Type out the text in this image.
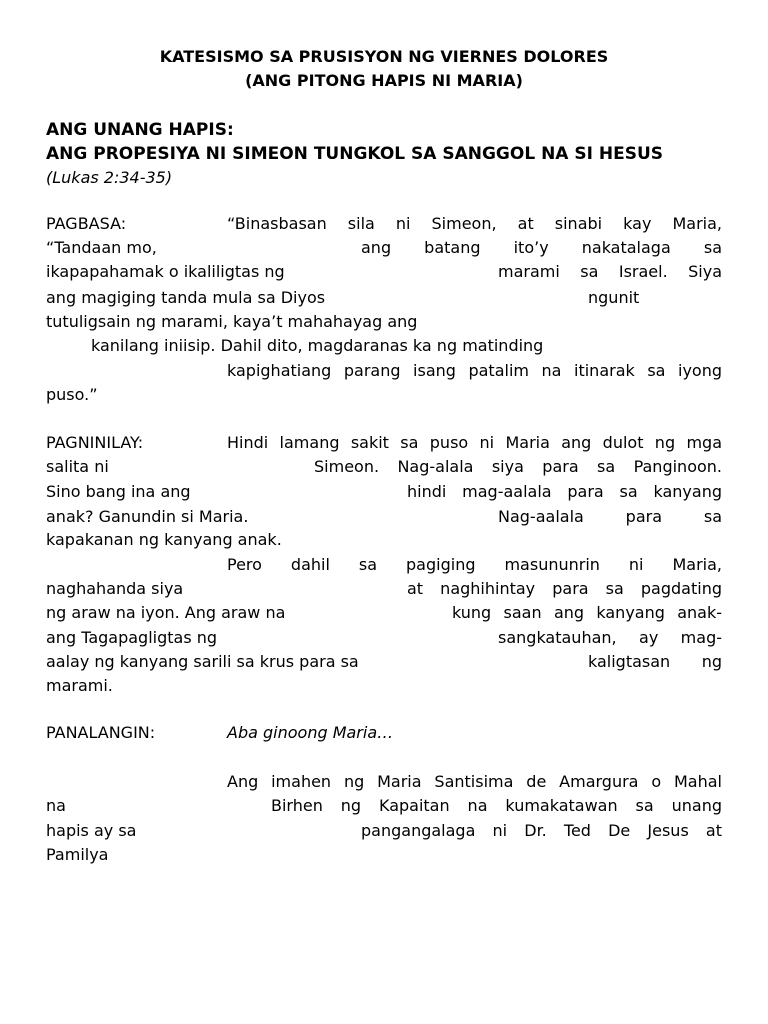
KATESISMO SA PRUSISYON NG VIERNES DOLORES
(ANG PITONG HAPIS NI MARIA)
ANG UNANG HAPIS:
ANG PROPESIYA NI SIMEON TUNGKOL SA SANGGOL NA SI HESUS
(Lukas 2:34-35)
PAGBASA:	“Binasbasan sila ni Simeon, at sinabi kay Maria,
“Tandaan mo,	ang batang ito’y nakatalaga sa
ikapapahamak o ikaliligtas ng	marami sa Israel. Siya
ang magiging tanda mula sa Diyos	ngunit
tutuligsain ng marami, kaya’t mahahayag ang
kanilang iniisip. Dahil dito, magdaranas ka ng matinding
kapighatiang parang isang patalim na itinarak sa iyong
puso.”
PAGNINILAY:	Hindi lamang sakit sa puso ni Maria ang dulot ng mga
salita ni	Simeon. Nag-alala siya para sa Panginoon.
Sino bang ina ang	hindi mag-aalala para sa kanyang
anak? Ganundin si Maria.	Nag-aalala para sa
kapakanan ng kanyang anak.
Pero dahil sa pagiging masununrin ni Maria,
naghahanda siya	at naghihintay para sa pagdating
ng araw na iyon. Ang araw na	kung saan ang kanyang anak-
ang Tagapagligtas ng	sangkatauhan, ay mag-
aalay ng kanyang sarili sa krus para sa	kaligtasan ng
marami.
PANALANGIN:	Aba ginoong Maria…
Ang imahen ng Maria Santisima de Amargura o Mahal
na	Birhen ng Kapaitan na kumakatawan sa unang
hapis ay sa	pangangalaga ni Dr. Ted De Jesus at
Pamilya
